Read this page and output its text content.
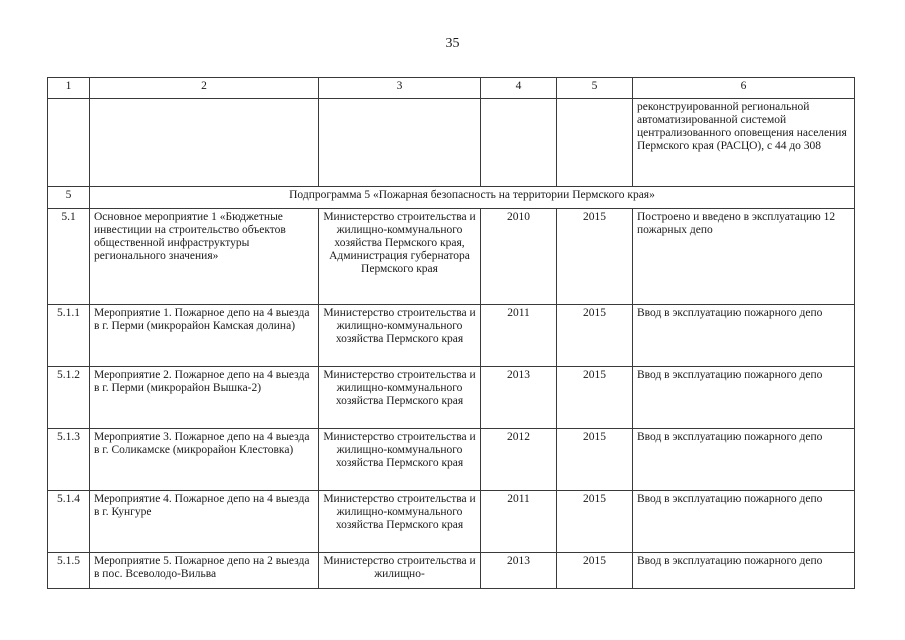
35
1	2	3	4	5	6
					реконструированной региональной автоматизированной системой централизованного оповещения населения Пермского края (РАСЦО), с 44 до 308
5	Подпрограмма 5 «Пожарная безопасность на территории Пермского края»				
5.1	Основное мероприятие 1 «Бюджетные инвестиции на строительство объектов общественной инфраструктуры регионального значения»	Министерство строительства и жилищно-коммунального хозяйства Пермского края, Администрация губернатора Пермского края	2010	2015	Построено и введено в эксплуатацию 12 пожарных депо
5.1.1	Мероприятие 1. Пожарное депо на 4 выезда в г. Перми (микрорайон Камская долина)	Министерство строительства и жилищно-коммунального хозяйства Пермского края	2011	2015	Ввод в эксплуатацию пожарного депо
5.1.2	Мероприятие 2. Пожарное депо на 4 выезда в г. Перми (микрорайон Вышка-2)	Министерство строительства и жилищно-коммунального хозяйства Пермского края	2013	2015	Ввод в эксплуатацию пожарного депо
5.1.3	Мероприятие 3. Пожарное депо на 4 выезда в г. Соликамске (микрорайон Клестовка)	Министерство строительства и жилищно-коммунального хозяйства Пермского края	2012	2015	Ввод в эксплуатацию пожарного депо
5.1.4	Мероприятие 4. Пожарное депо на 4 выезда в г. Кунгуре	Министерство строительства и жилищно-коммунального хозяйства Пермского края	2011	2015	Ввод в эксплуатацию пожарного депо
5.1.5	Мероприятие 5. Пожарное депо на 2 выезда в пос. Всеволодо-Вильва	Министерство строительства и жилищно-	2013	2015	Ввод в эксплуатацию пожарного депо
